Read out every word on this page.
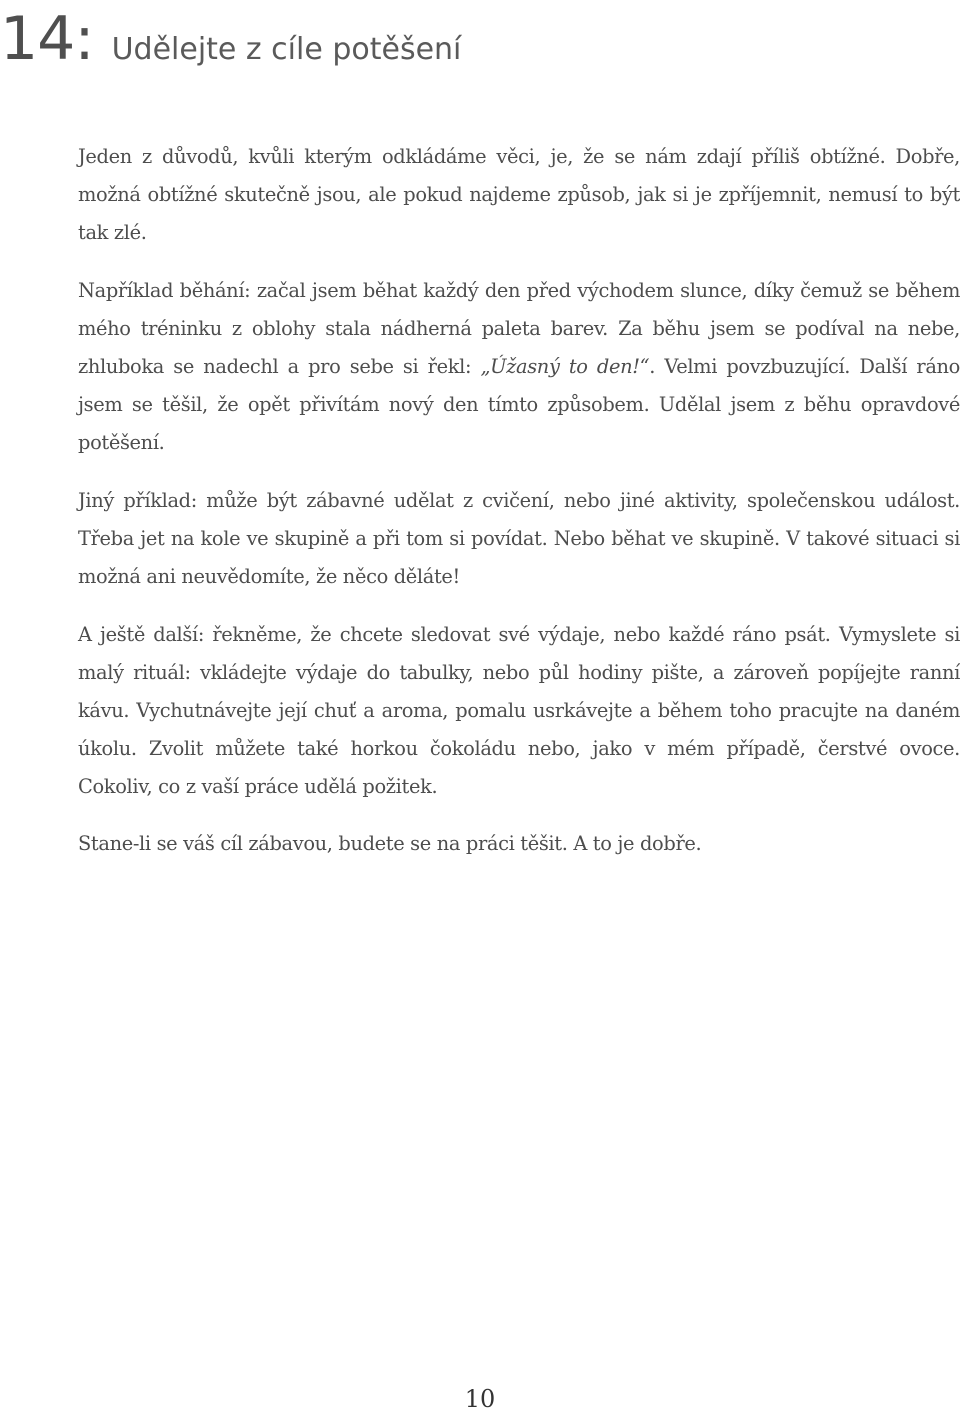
14: Udělejte z cíle potěšení

Jeden z důvodů, kvůli kterým odkládáme věci, je, že se nám zdají příliš obtížné. Dobře, možná obtížné skutečně jsou, ale pokud najdeme způsob, jak si je zpříjemnit, nemusí to být tak zlé.

Například běhání: začal jsem běhat každý den před východem slunce, díky čemuž se během mého tréninku z oblohy stala nádherná paleta barev. Za běhu jsem se podíval na nebe, zhluboka se nadechl a pro sebe si řekl: „Úžasný to den!“. Velmi povzbuzující. Další ráno jsem se těšil, že opět přivítám nový den tímto způsobem. Udělal jsem z běhu opravdové potěšení.

Jiný příklad: může být zábavné udělat z cvičení, nebo jiné aktivity, společenskou událost. Třeba jet na kole ve skupině a při tom si povídat. Nebo běhat ve skupině. V takové situaci si možná ani neuvědomíte, že něco děláte!

A ještě další: řekněme, že chcete sledovat své výdaje, nebo každé ráno psát. Vymyslete si malý rituál: vkládejte výdaje do tabulky, nebo půl hodiny pište, a zároveň popíjejte ranní kávu. Vychutnávejte její chuť a aroma, pomalu usrkávejte a během toho pracujte na daném úkolu. Zvolit můžete také horkou čokoládu nebo, jako v mém případě, čerstvé ovoce. Cokoliv, co z vaší práce udělá požitek.

Stane-li se váš cíl zábavou, budete se na práci těšit. A to je dobře.

10
